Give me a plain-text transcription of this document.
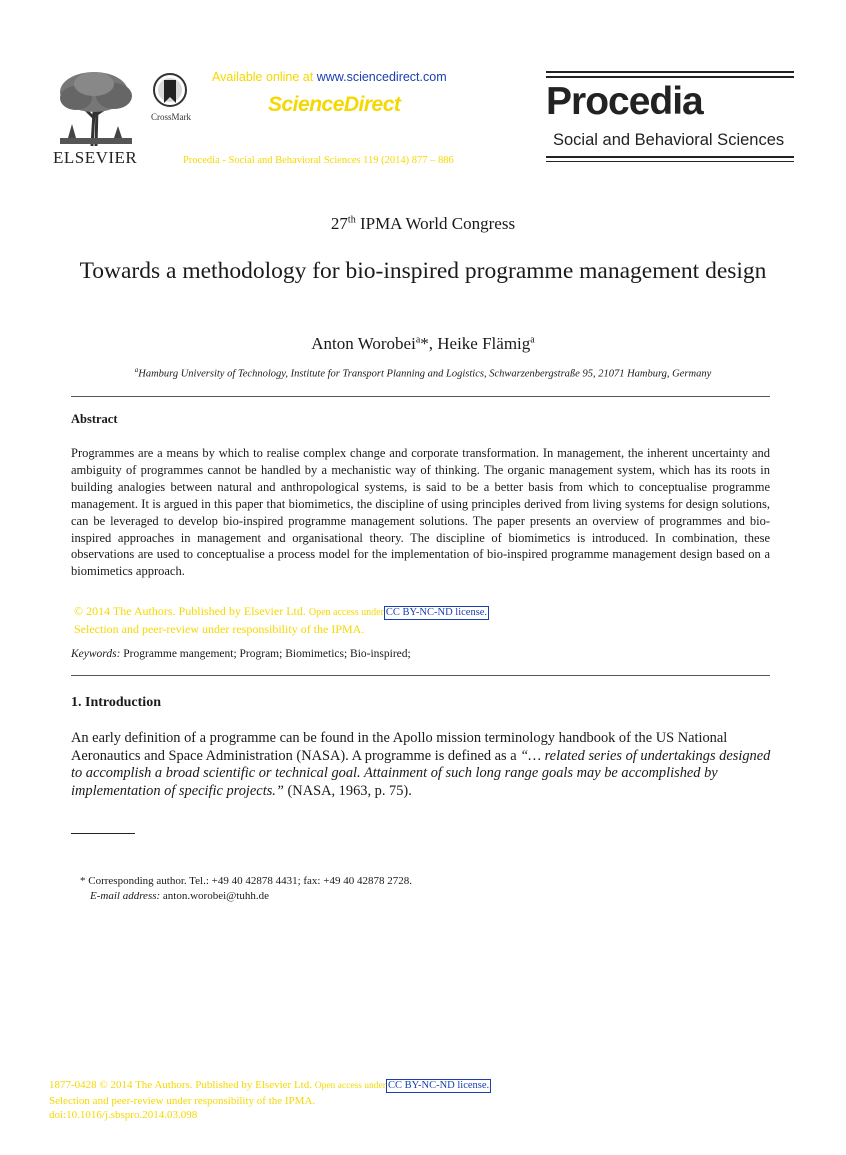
ELSEVIER
CrossMark
Available online at www.sciencedirect.com
ScienceDirect
Procedia - Social and Behavioral Sciences 119 (2014) 877 – 886
Procedia
Social and Behavioral Sciences
27th IPMA World Congress
Towards a methodology for bio-inspired programme management design
Anton Worobei$^a$*, Heike Flämig$^a$
$^a$Hamburg University of Technology, Institute for Transport Planning and Logistics, Schwarzenbergstraße 95, 21071 Hamburg, Germany
Abstract
Programmes are a means by which to realise complex change and corporate transformation. In management, the inherent uncertainty and ambiguity of programmes cannot be handled by a mechanistic way of thinking. The organic management system, which has its roots in building analogies between natural and anthropological systems, is said to be a better basis from which to conceptualise programme management. It is argued in this paper that biomimetics, the discipline of using principles derived from living systems for design solutions, can be leveraged to develop bio-inspired programme management solutions. The paper presents an overview of programmes and bio-inspired approaches in management and organisational theory. The discipline of biomimetics is introduced. In combination, these observations are used to conceptualise a process model for the implementation of bio-inspired programme management design based on a biomimetics approach.
© 2014 The Authors. Published by Elsevier Ltd. Open access under CC BY-NC-ND license.
Selection and peer-review under responsibility of the IPMA.
Keywords: Programme mangement; Program; Biomimetics; Bio-inspired;
1. Introduction
An early definition of a programme can be found in the Apollo mission terminology handbook of the US National Aeronautics and Space Administration (NASA). A programme is defined as a “… related series of undertakings designed to accomplish a broad scientific or technical goal. Attainment of such long range goals may be accomplished by implementation of specific projects.” (NASA, 1963, p. 75).
* Corresponding author. Tel.: +49 40 42878 4431; fax: +49 40 42878 2728.
E-mail address: anton.worobei@tuhh.de
1877-0428 © 2014 The Authors. Published by Elsevier Ltd. Open access under CC BY-NC-ND license.
Selection and peer-review under responsibility of the IPMA.
doi:10.1016/j.sbspro.2014.03.098
